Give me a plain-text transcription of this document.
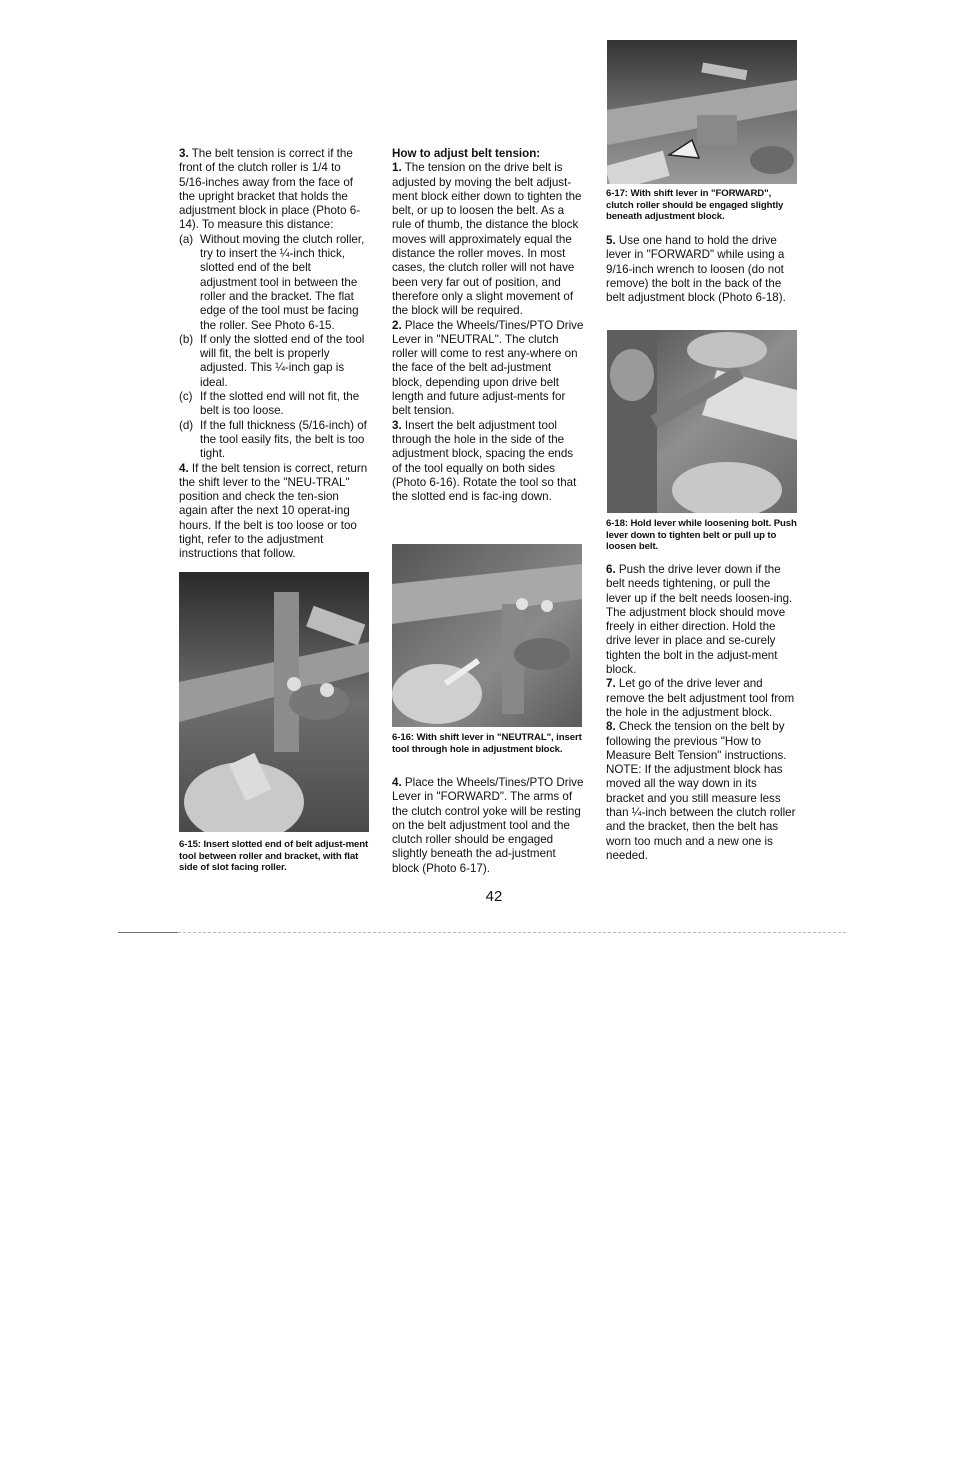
3. The belt tension is correct if the front of the clutch roller is 1/4 to 5/16-inches away from the face of the upright bracket that holds the adjustment block in place (Photo 6-14). To measure this distance:

(a) Without moving the clutch roller, try to insert the ¼-inch thick, slotted end of the belt adjustment tool in between the roller and the bracket. The flat edge of the tool must be facing the roller. See Photo 6-15.
(b) If only the slotted end of the tool will fit, the belt is properly adjusted. This ¼-inch gap is ideal.
(c) If the slotted end will not fit, the belt is too loose.
(d) If the full thickness (5/16-inch) of the tool easily fits, the belt is too tight.

4. If the belt tension is correct, return the shift lever to the "NEU-TRAL" position and check the ten-sion again after the next 10 operat-ing hours. If the belt is too loose or too tight, refer to the adjustment instructions that follow.

6-15: Insert slotted end of belt adjust-ment tool between roller and bracket, with flat side of slot facing roller.

How to adjust belt tension:

1. The tension on the drive belt is adjusted by moving the belt adjust-ment block either down to tighten the belt, or up to loosen the belt. As a rule of thumb, the distance the block moves will approximately equal the distance the roller moves. In most cases, the clutch roller will not have been very far out of position, and therefore only a slight movement of the block will be required.

2. Place the Wheels/Tines/PTO Drive Lever in "NEUTRAL". The clutch roller will come to rest any-where on the face of the belt ad-justment block, depending upon drive belt length and future adjust-ments for belt tension.

3. Insert the belt adjustment tool through the hole in the side of the adjustment block, spacing the ends of the tool equally on both sides (Photo 6-16). Rotate the tool so that the slotted end is fac-ing down.

6-16: With shift lever in "NEUTRAL", insert tool through hole in adjustment block.

4. Place the Wheels/Tines/PTO Drive Lever in "FORWARD". The arms of the clutch control yoke will be resting on the belt adjustment tool and the clutch roller should be engaged slightly beneath the ad-justment block (Photo 6-17).

6-17: With shift lever in "FORWARD", clutch roller should be engaged slightly beneath adjustment block.

5. Use one hand to hold the drive lever in "FORWARD" while using a 9/16-inch wrench to loosen (do not remove) the bolt in the back of the belt adjustment block (Photo 6-18).

6-18: Hold lever while loosening bolt. Push lever down to tighten belt or pull up to loosen belt.

6. Push the drive lever down if the belt needs tightening, or pull the lever up if the belt needs loosen-ing. The adjustment block should move freely in either direction. Hold the drive lever in place and se-curely tighten the bolt in the adjust-ment block.

7. Let go of the drive lever and remove the belt adjustment tool from the hole in the adjustment block.

8. Check the tension on the belt by following the previous "How to Measure Belt Tension" instructions. NOTE: If the adjustment block has moved all the way down in its bracket and you still measure less than ¼-inch between the clutch roller and the bracket, then the belt has worn too much and a new one is needed.

42
